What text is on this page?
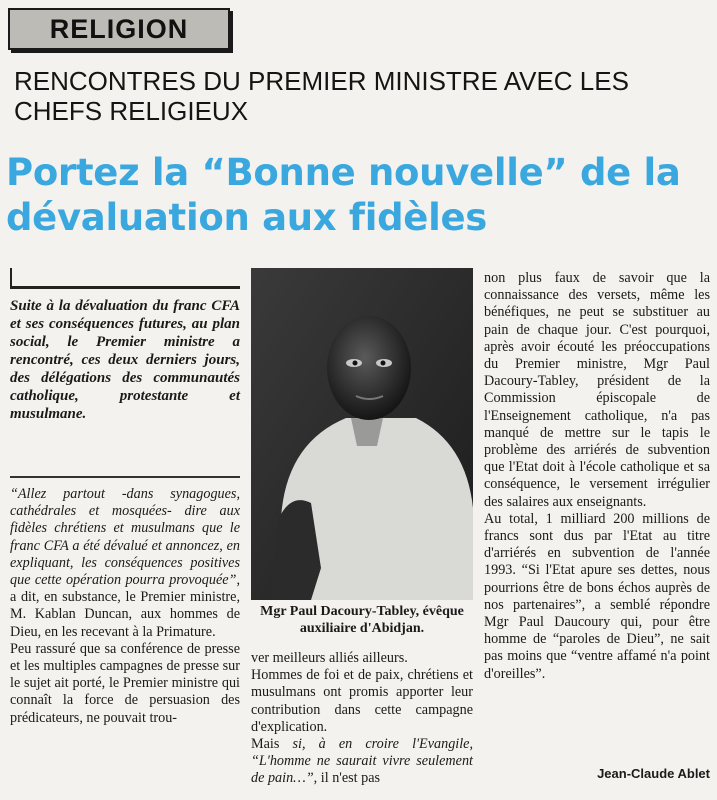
RELIGION
RENCONTRES DU PREMIER MINISTRE AVEC LES CHEFS RELIGIEUX
Portez la “Bonne nouvelle” de la dévaluation aux fidèles

Suite à la dévaluation du franc CFA et ses conséquences futures, au plan social, le Premier ministre a rencontré, ces deux derniers jours, des délégations des communautés catholique, protestante et musulmane.

“Allez partout -dans synagogues, cathédrales et mosquées- dire aux fidèles chrétiens et musulmans que le franc CFA a été dévalué et annoncez, en expliquant, les conséquences positives que cette opération pourra provoquée”, a dit, en substance, le Premier ministre, M. Kablan Duncan, aux hommes de Dieu, en les recevant à la Primature.

Peu rassuré que sa conférence de presse et les multiples campagnes de presse sur le sujet ait porté, le Premier ministre qui connaît la force de persuasion des prédicateurs, ne pouvait trou-

Mgr Paul Dacoury-Tabley, évêque auxiliaire d'Abidjan.

ver meilleurs alliés ailleurs.

Hommes de foi et de paix, chrétiens et musulmans ont promis apporter leur contribution dans cette campagne d'explication.

Mais si, à en croire l'Evangile, “L'homme ne saurait vivre seulement de pain…”, il n'est pas

non plus faux de savoir que la connaissance des versets, même les bénéfiques, ne peut se substituer au pain de chaque jour. C'est pourquoi, après avoir écouté les préoccupations du Premier ministre, Mgr Paul Dacoury-Tabley, président de la Commission épiscopale de l'Enseignement catholique, n'a pas manqué de mettre sur le tapis le problème des arriérés de subvention que l'Etat doit à l'école catholique et sa conséquence, le versement irrégulier des salaires aux enseignants.

Au total, 1 milliard 200 millions de francs sont dus par l'Etat au titre d'arriérés en subvention de l'année 1993. “Si l'Etat apure ses dettes, nous pourrions être de bons échos auprès de nos partenaires”, a semblé répondre Mgr Paul Daucoury qui, pour être homme de “paroles de Dieu”, ne sait pas moins que “ventre affamé n'a point d'oreilles”.

Jean-Claude Ablet
